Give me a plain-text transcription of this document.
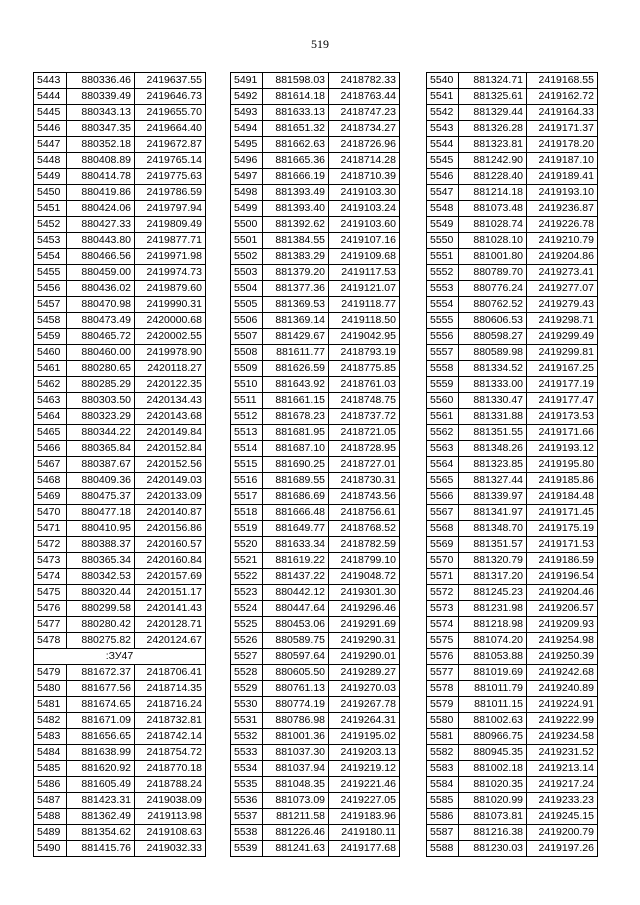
519
5443	880336.46	2419637.55
5444	880339.49	2419646.73
5445	880343.13	2419655.70
5446	880347.35	2419664.40
5447	880352.18	2419672.87
5448	880408.89	2419765.14
5449	880414.78	2419775.63
5450	880419.86	2419786.59
5451	880424.06	2419797.94
5452	880427.33	2419809.49
5453	880443.80	2419877.71
5454	880466.56	2419971.98
5455	880459.00	2419974.73
5456	880436.02	2419879.60
5457	880470.98	2419990.31
5458	880473.49	2420000.68
5459	880465.72	2420002.55
5460	880460.00	2419978.90
5461	880280.65	2420118.27
5462	880285.29	2420122.35
5463	880303.50	2420134.43
5464	880323.29	2420143.68
5465	880344.22	2420149.84
5466	880365.84	2420152.84
5467	880387.67	2420152.56
5468	880409.36	2420149.03
5469	880475.37	2420133.09
5470	880477.18	2420140.87
5471	880410.95	2420156.86
5472	880388.37	2420160.57
5473	880365.34	2420160.84
5474	880342.53	2420157.69
5475	880320.44	2420151.17
5476	880299.58	2420141.43
5477	880280.42	2420128.71
5478	880275.82	2420124.67
:ЗУ47		
5479	881672.37	2418706.41
5480	881677.56	2418714.35
5481	881674.65	2418716.24
5482	881671.09	2418732.81
5483	881656.65	2418742.14
5484	881638.99	2418754.72
5485	881620.92	2418770.18
5486	881605.49	2418788.24
5487	881423.31	2419038.09
5488	881362.49	2419113.98
5489	881354.62	2419108.63
5490	881415.76	2419032.33
5491	881598.03	2418782.33
5492	881614.18	2418763.44
5493	881633.13	2418747.23
5494	881651.32	2418734.27
5495	881662.63	2418726.96
5496	881665.36	2418714.28
5497	881666.19	2418710.39
5498	881393.49	2419103.30
5499	881393.40	2419103.24
5500	881392.62	2419103.60
5501	881384.55	2419107.16
5502	881383.29	2419109.68
5503	881379.20	2419117.53
5504	881377.36	2419121.07
5505	881369.53	2419118.77
5506	881369.14	2419118.50
5507	881429.67	2419042.95
5508	881611.77	2418793.19
5509	881626.59	2418775.85
5510	881643.92	2418761.03
5511	881661.15	2418748.75
5512	881678.23	2418737.72
5513	881681.95	2418721.05
5514	881687.10	2418728.95
5515	881690.25	2418727.01
5516	881689.55	2418730.31
5517	881686.69	2418743.56
5518	881666.48	2418756.61
5519	881649.77	2418768.52
5520	881633.34	2418782.59
5521	881619.22	2418799.10
5522	881437.22	2419048.72
5523	880442.12	2419301.30
5524	880447.64	2419296.46
5525	880453.06	2419291.69
5526	880589.75	2419290.31
5527	880597.64	2419290.01
5528	880605.50	2419289.27
5529	880761.13	2419270.03
5530	880774.19	2419267.78
5531	880786.98	2419264.31
5532	881001.36	2419195.02
5533	881037.30	2419203.13
5534	881037.94	2419219.12
5535	881048.35	2419221.46
5536	881073.09	2419227.05
5537	881211.58	2419183.96
5538	881226.46	2419180.11
5539	881241.63	2419177.68
5540	881324.71	2419168.55
5541	881325.61	2419162.72
5542	881329.44	2419164.33
5543	881326.28	2419171.37
5544	881323.81	2419178.20
5545	881242.90	2419187.10
5546	881228.40	2419189.41
5547	881214.18	2419193.10
5548	881073.48	2419236.87
5549	881028.74	2419226.78
5550	881028.10	2419210.79
5551	881001.80	2419204.86
5552	880789.70	2419273.41
5553	880776.24	2419277.07
5554	880762.52	2419279.43
5555	880606.53	2419298.71
5556	880598.27	2419299.49
5557	880589.98	2419299.81
5558	881334.52	2419167.25
5559	881333.00	2419177.19
5560	881330.47	2419177.47
5561	881331.88	2419173.53
5562	881351.55	2419171.66
5563	881348.26	2419193.12
5564	881323.85	2419195.80
5565	881327.44	2419185.86
5566	881339.97	2419184.48
5567	881341.97	2419171.45
5568	881348.70	2419175.19
5569	881351.57	2419171.53
5570	881320.79	2419186.59
5571	881317.20	2419196.54
5572	881245.23	2419204.46
5573	881231.98	2419206.57
5574	881218.98	2419209.93
5575	881074.20	2419254.98
5576	881053.88	2419250.39
5577	881019.69	2419242.68
5578	881011.79	2419240.89
5579	881011.15	2419224.91
5580	881002.63	2419222.99
5581	880966.75	2419234.58
5582	880945.35	2419231.52
5583	881002.18	2419213.14
5584	881020.35	2419217.24
5585	881020.99	2419233.23
5586	881073.81	2419245.15
5587	881216.38	2419200.79
5588	881230.03	2419197.26
